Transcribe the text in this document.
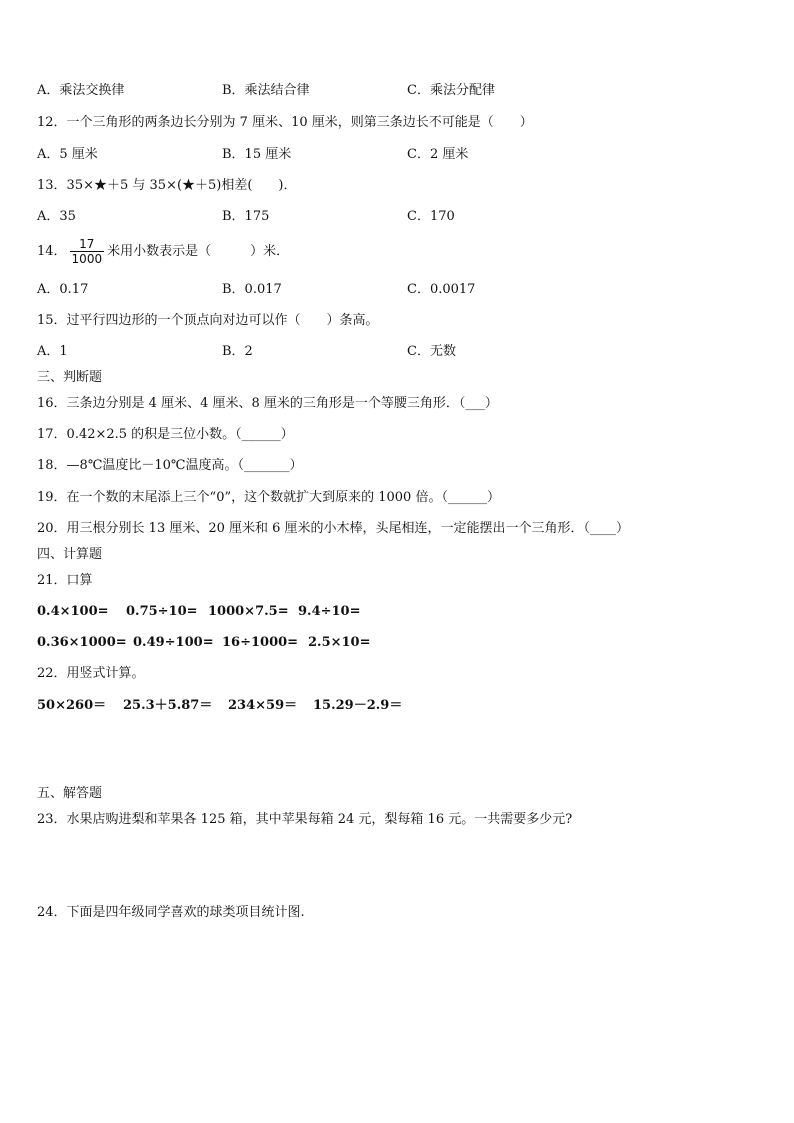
A．乘法交换律	B．乘法结合律	C．乘法分配律
12．一个三角形的两条边长分别为 7 厘米、10 厘米，则第三条边长不可能是（　　）
A．5 厘米	B．15 厘米	C．2 厘米
13．35×★＋5 与 35×(★＋5)相差(　　)．
A．35	B．175	C．170
14． $\frac{17}{1000}$ 米用小数表示是（　　　）米．
A．0.17	B．0.017	C．0.0017
15．过平行四边形的一个顶点向对边可以作（　　）条高。
A．1	B．2	C．无数
三、判断题
16．三条边分别是 4 厘米、4 厘米、8 厘米的三角形是一个等腰三角形．（___）
17．0.42×2.5 的积是三位小数。（______）
18．—8℃温度比－10℃温度高。（_______）
19．在一个数的末尾添上三个“0”，这个数就扩大到原来的 1000 倍。（______）
20．用三根分别长 13 厘米、20 厘米和 6 厘米的小木棒，头尾相连，一定能摆出一个三角形．（____）
四、计算题
21．口算
0.4×100= 0.75÷10= 1000×7.5= 9.4÷10=
0.36×1000= 0.49÷100= 16÷1000= 2.5×10=
22．用竖式计算。
50×260＝ 25.3＋5.87＝ 234×59＝ 15.29－2.9＝
五、解答题
23．水果店购进梨和苹果各 125 箱，其中苹果每箱 24 元，梨每箱 16 元。一共需要多少元?
24．下面是四年级同学喜欢的球类项目统计图.
